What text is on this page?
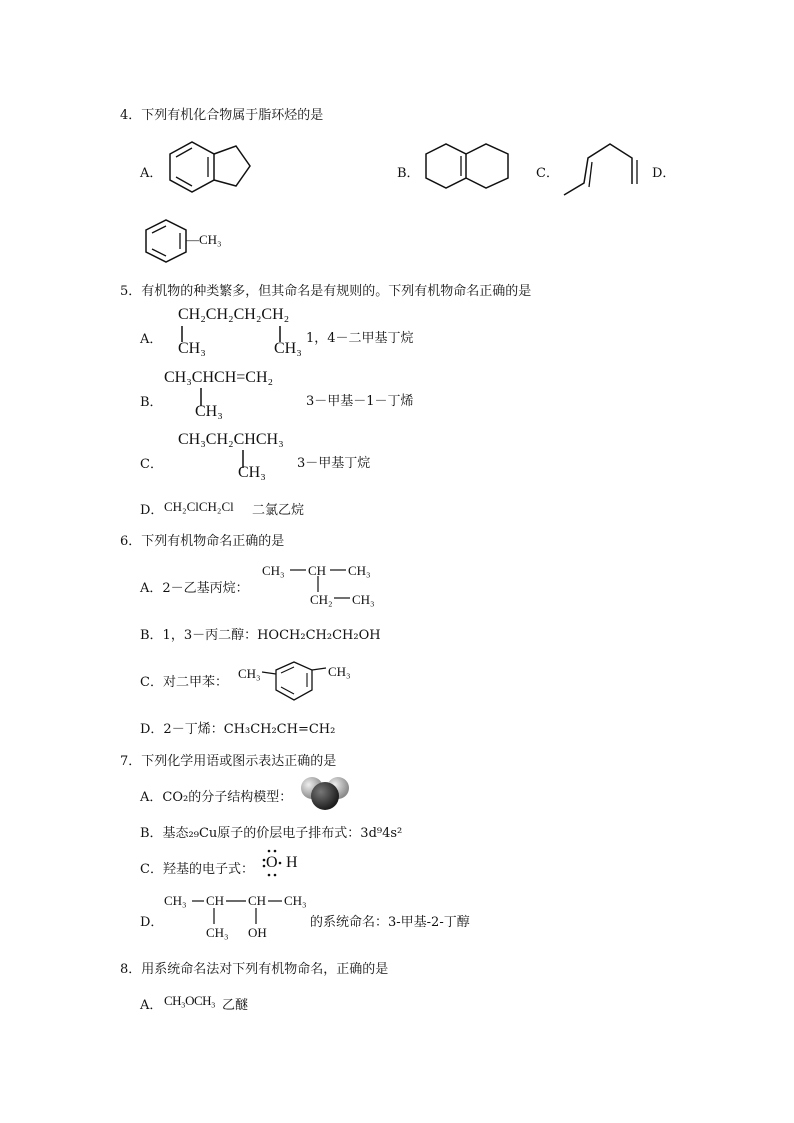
4．下列有机化合物属于脂环烃的是
A．	B．	C．	D．
—CH₃
5．有机物的种类繁多，但其命名是有规则的。下列有机物命名正确的是
A．
CH₂CH₂CH₂CH₂
CH₃	CH₃
1，4－二甲基丁烷
B．
CH₃CHCH=CH₂
CH₃
3－甲基－1－丁烯
C．
CH₃CH₂CHCH₃
CH₃
3－甲基丁烷
D． CH₂ClCH₂Cl 二氯乙烷
6．下列有机物命名正确的是
A．2－乙基丙烷：
CH₃ CH CH₃
CH₂ CH₃
B．1，3－丙二醇：HOCH₂CH₂CH₂OH
C．对二甲苯：
CH₃	CH₃
D．2－丁烯：CH₃CH₂CH=CH₂
7．下列化学用语或图示表达正确的是
A．CO₂的分子结构模型：
B．基态₂₉Cu原子的价层电子排布式：3d⁹4s²
C．羟基的电子式： O H
D．
CH₃ CH CH CH₃
CH₃ OH
的系统命名：3-甲基-2-丁醇
8．用系统命名法对下列有机物命名，正确的是
A． CH₃OCH₃ 乙醚
